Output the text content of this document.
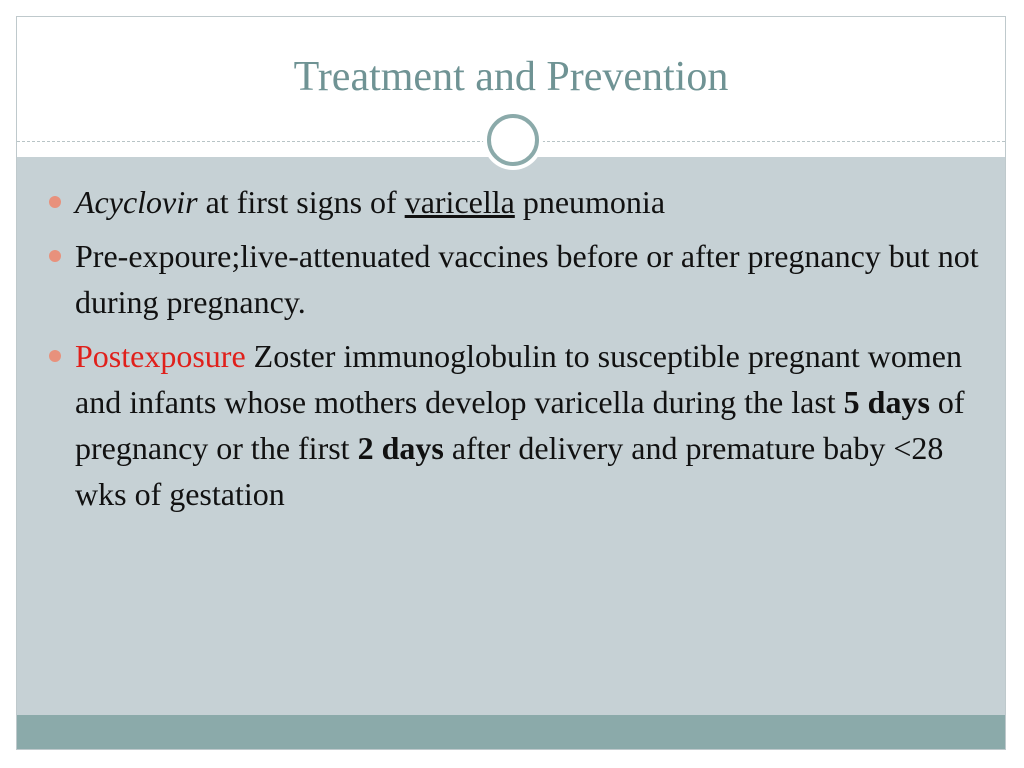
Treatment and Prevention
Acyclovir at first signs of varicella pneumonia
Pre-expoure;live-attenuated vaccines before or after pregnancy but not during pregnancy.
Postexposure Zoster immunoglobulin to susceptible pregnant women and infants whose mothers develop varicella during the last 5 days of pregnancy or the first 2 days after delivery and premature baby <28 wks of gestation
